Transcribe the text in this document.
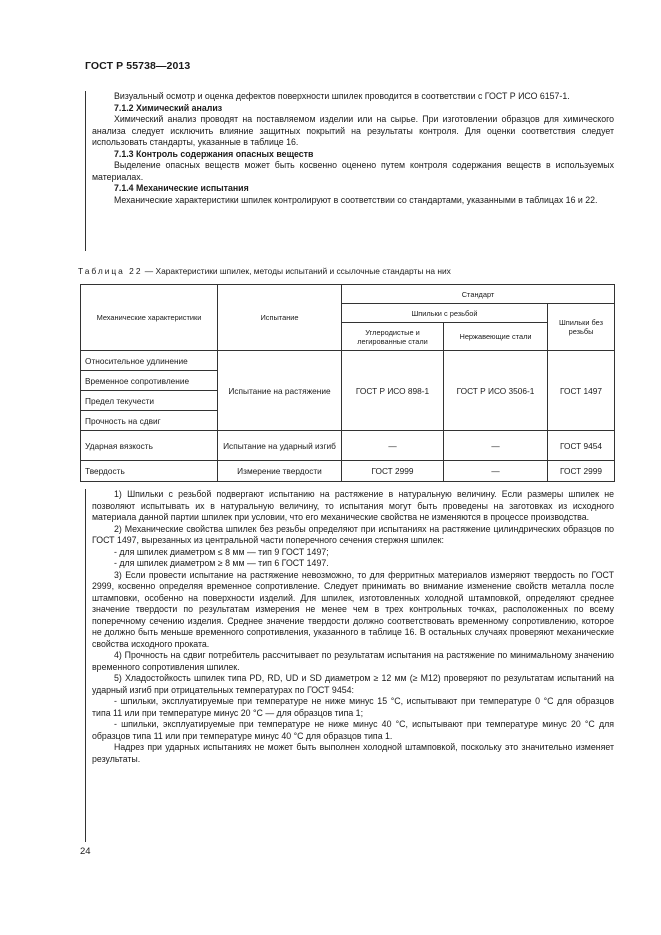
ГОСТ Р 55738—2013

Визуальный осмотр и оценка дефектов поверхности шпилек проводится в соответствии с ГОСТ Р ИСО 6157-1.

7.1.2 Химический анализ

Химический анализ проводят на поставляемом изделии или на сырье. При изготовлении образцов для химического анализа следует исключить влияние защитных покрытий на результаты контроля. Для оценки соответствия следует использовать стандарты, указанные в таблице 16.

7.1.3 Контроль содержания опасных веществ

Выделение опасных веществ может быть косвенно оценено путем контроля содержания веществ в используемых материалах.

7.1.4 Механические испытания

Механические характеристики шпилек контролируют в соответствии со стандартами, указанными в таблицах 16 и 22.

Таблица 22 — Характеристики шпилек, методы испытаний и ссылочные стандарты на них
Механические характеристики	Испытание	Стандарт		
		Шпильки с резьбой		Шпильки без резьбы
		Углеродистые и легированные стали	Нержавеющие стали	
Относительное удлинение	Испытание на растяжение	ГОСТ Р ИСО 898-1	ГОСТ Р ИСО 3506-1	ГОСТ 1497
Временное сопротивление				
Предел текучести				
Прочность на сдвиг				
Ударная вязкость	Испытание на ударный изгиб	—	—	ГОСТ 9454
Твердость	Измерение твердости	ГОСТ 2999	—	ГОСТ 2999

1) Шпильки с резьбой подвергают испытанию на растяжение в натуральную величину. Если размеры шпилек не позволяют испытывать их в натуральную величину, то испытания могут быть проведены на заготовках из исходного материала данной партии шпилек при условии, что его механические свойства не изменяются в процессе производства.

2) Механические свойства шпилек без резьбы определяют при испытаниях на растяжение цилиндрических образцов по ГОСТ 1497, вырезанных из центральной части поперечного сечения стержня шпилек:

- для шпилек диаметром ≤ 8 мм — тип 9 ГОСТ 1497;

- для шпилек диаметром ≥ 8 мм — тип 6 ГОСТ 1497.

3) Если провести испытание на растяжение невозможно, то для ферритных материалов измеряют твердость по ГОСТ 2999, косвенно определяя временное сопротивление. Следует принимать во внимание изменение свойств металла после штамповки, особенно на поверхности изделий. Для шпилек, изготовленных холодной штамповкой, определяют среднее значение твердости по результатам измерения не менее чем в трех контрольных точках, расположенных по всему поперечному сечению изделия. Среднее значение твердости должно соответствовать временному сопротивлению, которое не должно быть меньше временного сопротивления, указанного в таблице 16. В остальных случаях проверяют механические свойства исходного проката.

4) Прочность на сдвиг потребитель рассчитывает по результатам испытания на растяжение по минимальному значению временного сопротивления шпилек.

5) Хладостойкость шпилек типа PD, RD, UD и SD диаметром ≥ 12 мм (≥ M12) проверяют по результатам испытаний на ударный изгиб при отрицательных температурах по ГОСТ 9454:

- шпильки, эксплуатируемые при температуре не ниже минус 15 °С, испытывают при температуре 0 °С для образцов типа 11 или при температуре минус 20 °С — для образцов типа 1;

- шпильки, эксплуатируемые при температуре не ниже минус 40 °С, испытывают при температуре минус 20 °С для образцов типа 11 или при температуре минус 40 °С для образцов типа 1.

Надрез при ударных испытаниях не может быть выполнен холодной штамповкой, поскольку это значительно изменяет результаты.

24
